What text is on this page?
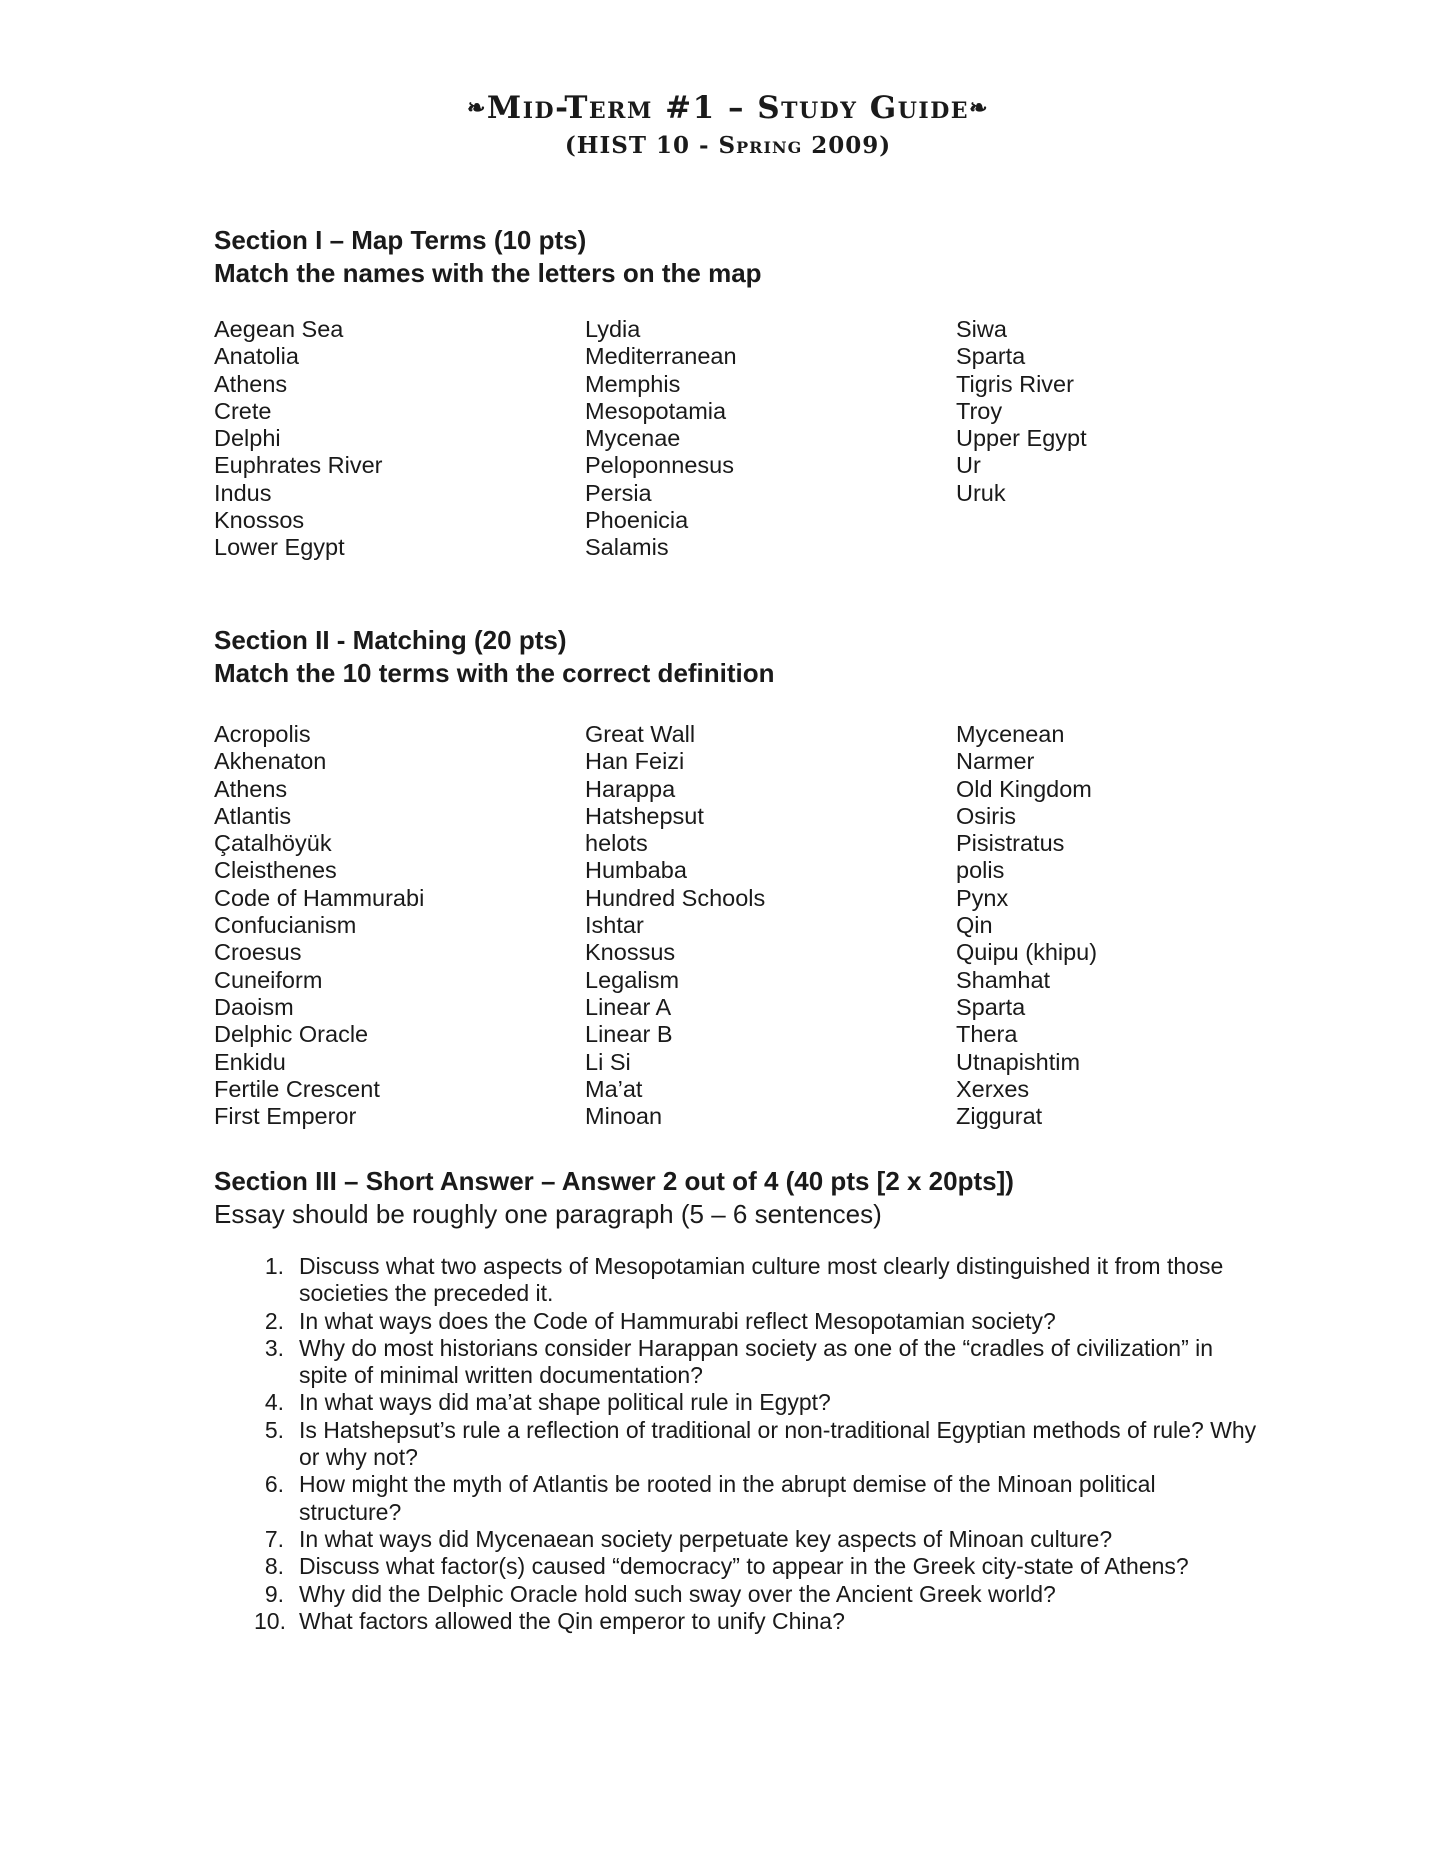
❧Mid-Term #1 – Study Guide❧
(HIST 10 - Spring 2009)
Section I – Map Terms (10 pts)
Match the names with the letters on the map
Aegean Sea
Anatolia
Athens
Crete
Delphi
Euphrates River
Indus
Knossos
Lower Egypt
Lydia
Mediterranean
Memphis
Mesopotamia
Mycenae
Peloponnesus
Persia
Phoenicia
Salamis
Siwa
Sparta
Tigris River
Troy
Upper Egypt
Ur
Uruk
Section II - Matching (20 pts)
Match the 10 terms with the correct definition
Acropolis
Akhenaton
Athens
Atlantis
Çatalhöyük
Cleisthenes
Code of Hammurabi
Confucianism
Croesus
Cuneiform
Daoism
Delphic Oracle
Enkidu
Fertile Crescent
First Emperor
Great Wall
Han Feizi
Harappa
Hatshepsut
helots
Humbaba
Hundred Schools
Ishtar
Knossus
Legalism
Linear A
Linear B
Li Si
Ma’at
Minoan
Mycenean
Narmer
Old Kingdom
Osiris
Pisistratus
polis
Pynx
Qin
Quipu (khipu)
Shamhat
Sparta
Thera
Utnapishtim
Xerxes
Ziggurat
Section III – Short Answer – Answer 2 out of 4 (40 pts [2 x 20pts])
Essay should be roughly one paragraph (5 – 6 sentences)
1. Discuss what two aspects of Mesopotamian culture most clearly distinguished it from those societies the preceded it.
2. In what ways does the Code of Hammurabi reflect Mesopotamian society?
3. Why do most historians consider Harappan society as one of the “cradles of civilization” in spite of minimal written documentation?
4. In what ways did ma’at shape political rule in Egypt?
5. Is Hatshepsut’s rule a reflection of traditional or non-traditional Egyptian methods of rule? Why or why not?
6. How might the myth of Atlantis be rooted in the abrupt demise of the Minoan political structure?
7. In what ways did Mycenaean society perpetuate key aspects of Minoan culture?
8. Discuss what factor(s) caused “democracy” to appear in the Greek city-state of Athens?
9. Why did the Delphic Oracle hold such sway over the Ancient Greek world?
10. What factors allowed the Qin emperor to unify China?
